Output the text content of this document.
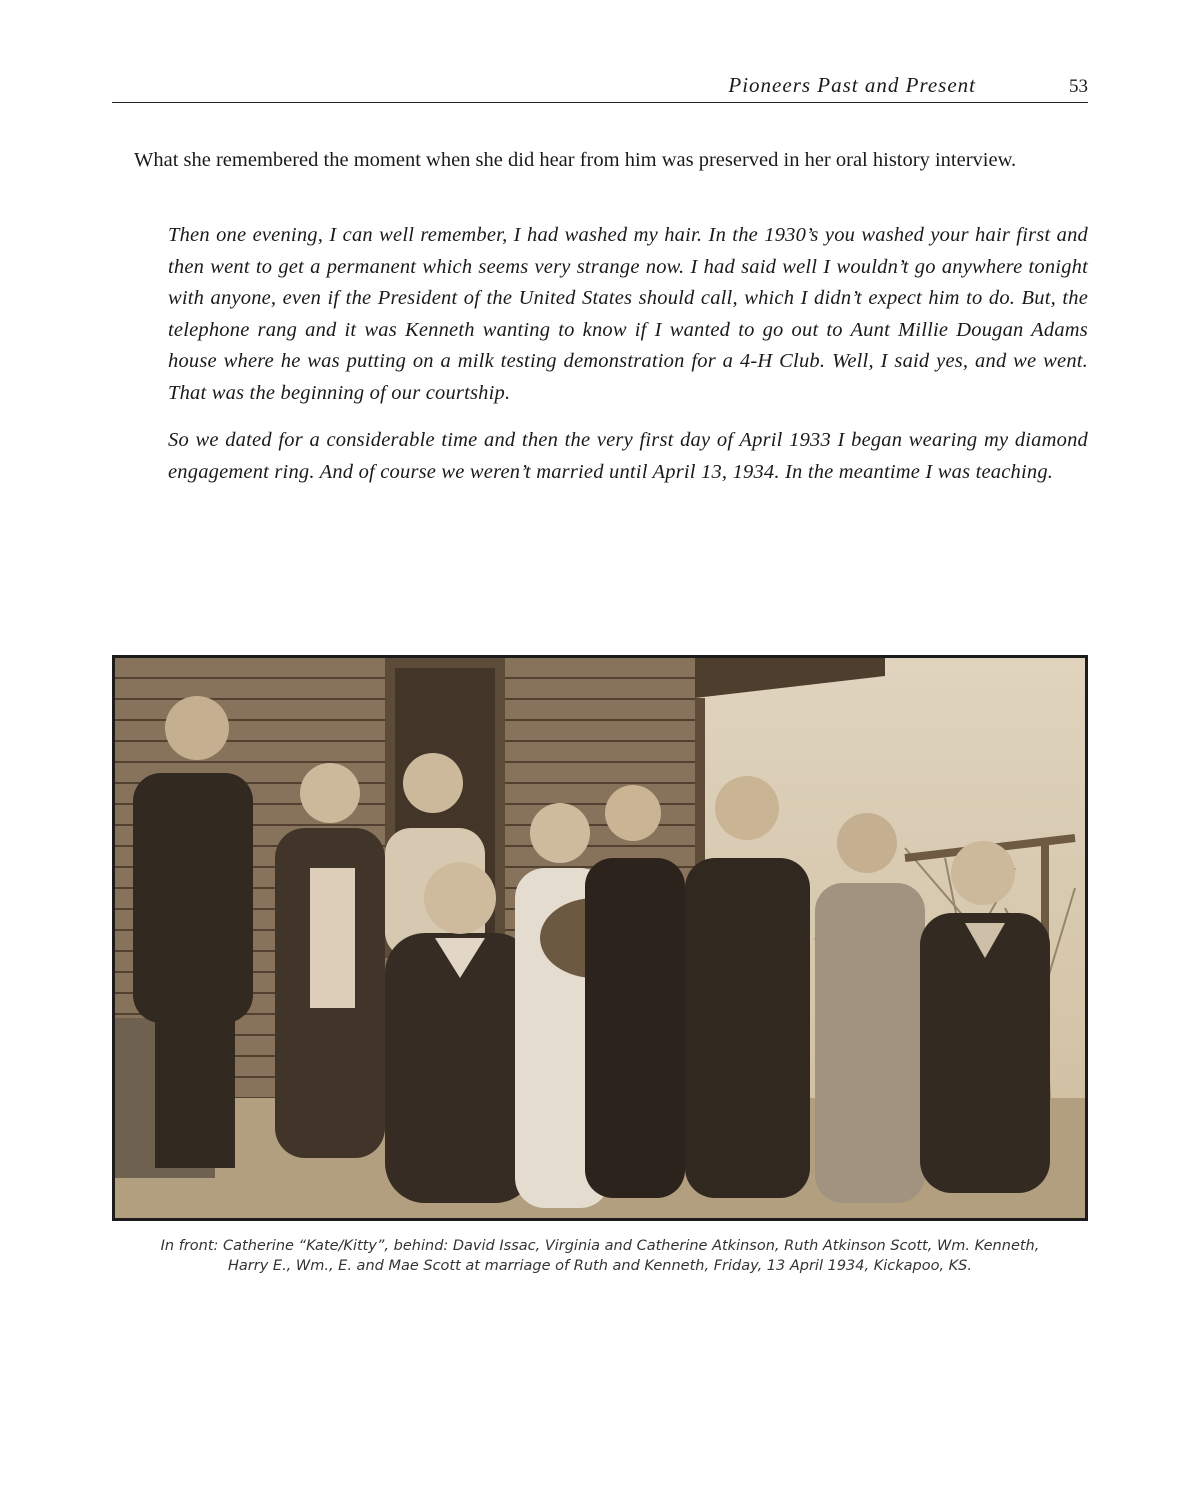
Pioneers Past and Present	53

What she remembered the moment when she did hear from him was preserved in her oral history interview.

Then one evening, I can well remember, I had washed my hair. In the 1930’s you washed your hair first and then went to get a permanent which seems very strange now. I had said well I wouldn’t go anywhere tonight with anyone, even if the President of the United States should call, which I didn’t expect him to do. But, the telephone rang and it was Kenneth wanting to know if I wanted to go out to Aunt Millie Dougan Adams house where he was putting on a milk testing demonstration for a 4-H Club. Well, I said yes, and we went. That was the beginning of our courtship.

So we dated for a considerable time and then the very first day of April 1933 I began wearing my diamond engagement ring. And of course we weren’t married until April 13, 1934. In the meantime I was teaching.

In front: Catherine “Kate/Kitty”, behind: David Issac, Virginia and Catherine Atkinson, Ruth Atkinson Scott, Wm. Kenneth,
Harry E., Wm., E. and Mae Scott at marriage of Ruth and Kenneth, Friday, 13 April 1934, Kickapoo, KS.
